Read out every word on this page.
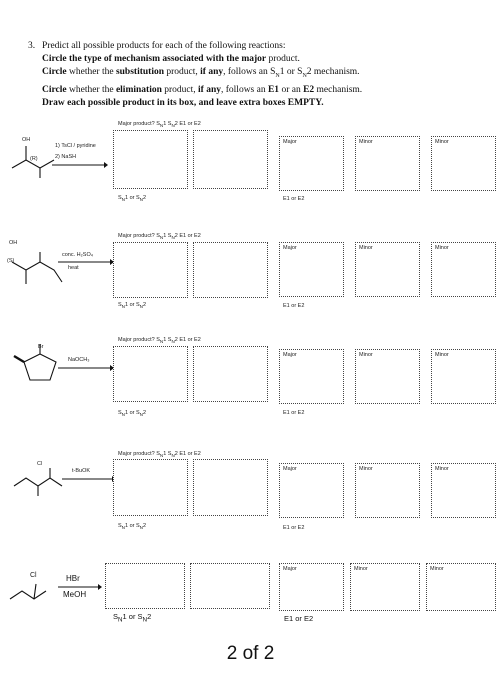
3. Predict all possible products for each of the following reactions:
Circle the type of mechanism associated with the major product.
Circle whether the substitution product, if any, follows an $S_N1$ or $S_N2$ mechanism.
Circle whether the elimination product, if any, follows an E1 or an E2 mechanism.
Draw each possible product in its box, and leave extra boxes EMPTY.
OH
(R)
1) TsCl / pyridine
2) NaSH
Major product? $S_N1$ $S_N2$ E1 or E2
$S_N1$ or $S_N2$
Major	Minor	Minor
E1 or E2
OH
(S)
conc. H₂SO₄
heat
Major product? $S_N1$ $S_N2$ E1 or E2
$S_N1$ or $S_N2$
Major	Minor	Minor
E1 or E2
Br
NaOCH₃
Major product? $S_N1$ $S_N2$ E1 or E2
$S_N1$ or $S_N2$
Major	Minor	Minor
E1 or E2
Cl
t-BuOK
Major product? $S_N1$ $S_N2$ E1 or E2
$S_N1$ or $S_N2$
Major	Minor	Minor
E1 or E2
Cl	HBr
MeOH
$S_N1$ or $S_N2$
Major	Minor	Minor
E1 or E2
2 of 2
